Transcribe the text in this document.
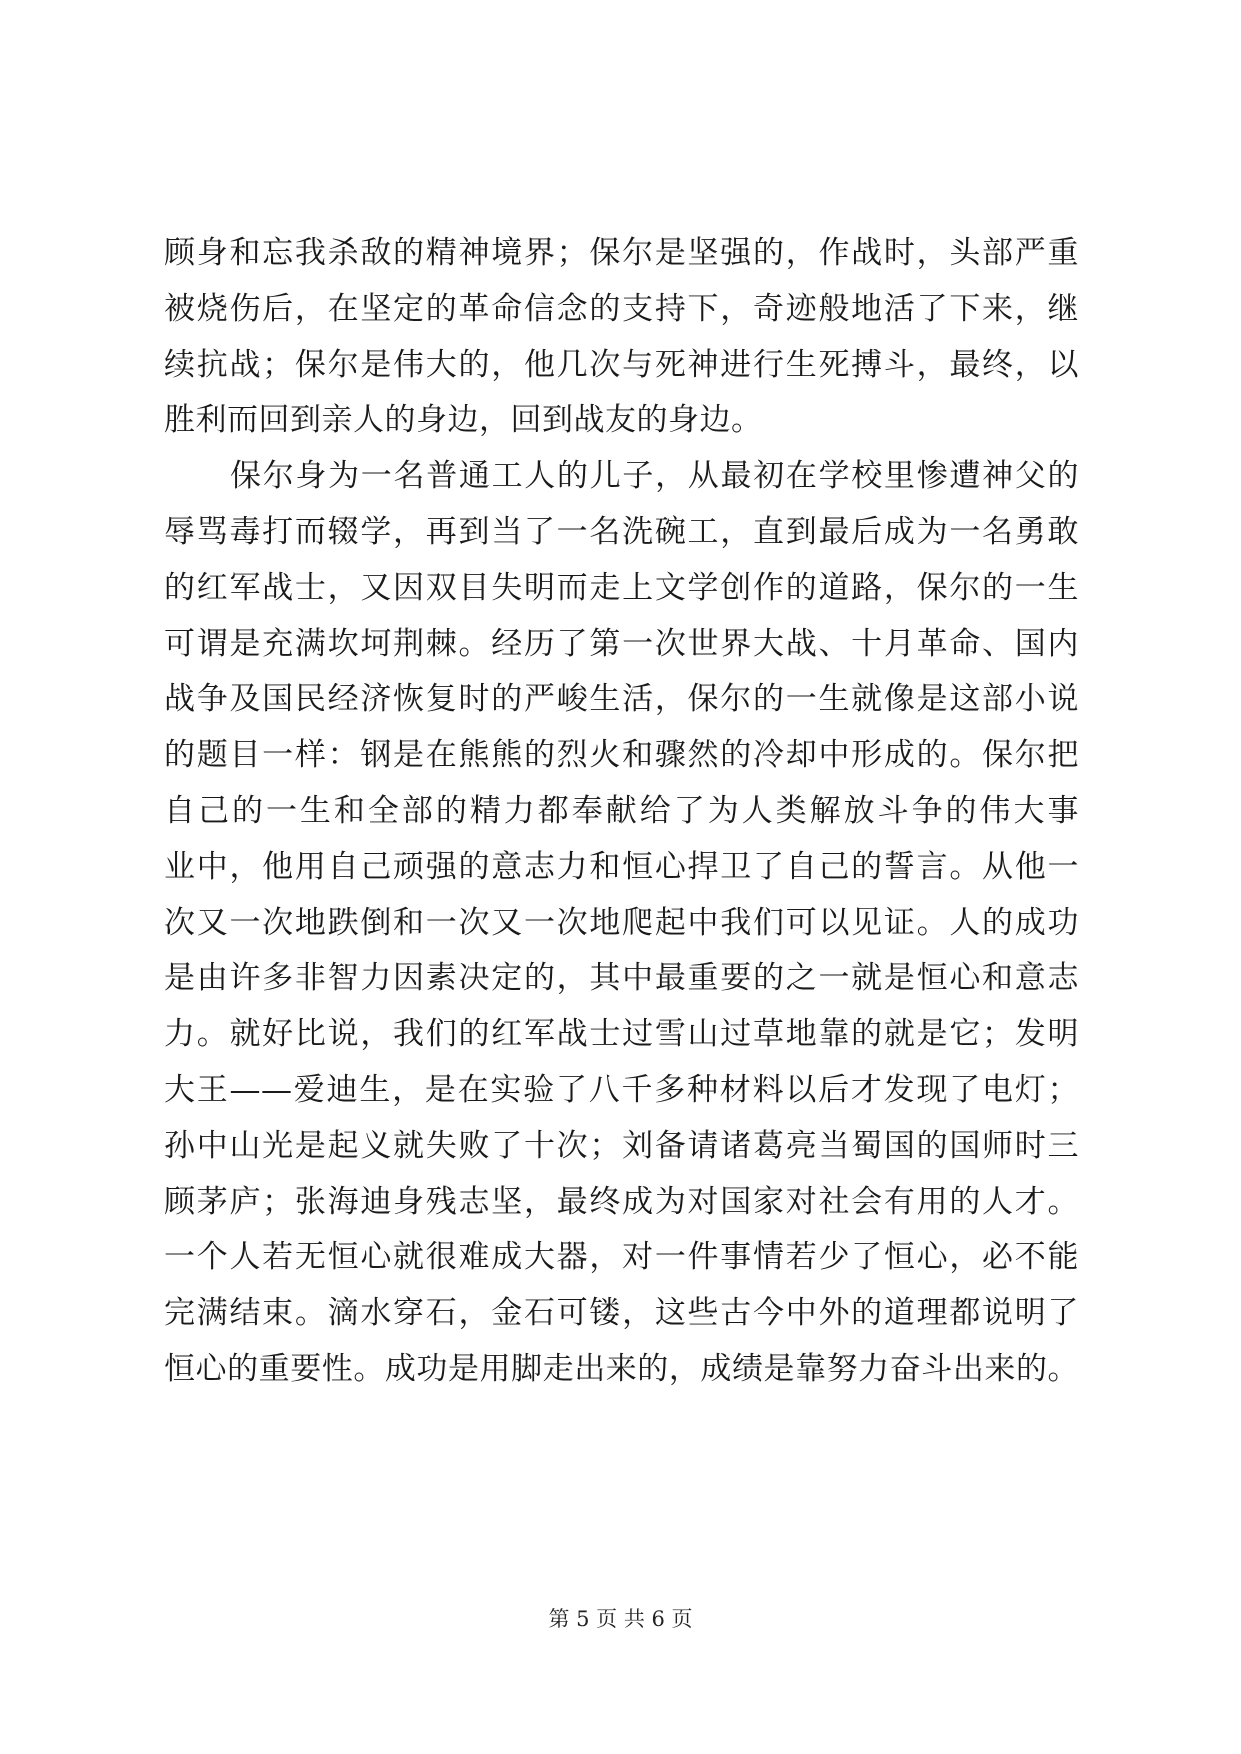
顾身和忘我杀敌的精神境界；保尔是坚强的，作战时，头部严重
被烧伤后，在坚定的革命信念的支持下，奇迹般地活了下来，继
续抗战；保尔是伟大的，他几次与死神进行生死搏斗，最终，以
胜利而回到亲人的身边，回到战友的身边。
保尔身为一名普通工人的儿子，从最初在学校里惨遭神父的
辱骂毒打而辍学，再到当了一名洗碗工，直到最后成为一名勇敢
的红军战士，又因双目失明而走上文学创作的道路，保尔的一生
可谓是充满坎坷荆棘。经历了第一次世界大战、十月革命、国内
战争及国民经济恢复时的严峻生活，保尔的一生就像是这部小说
的题目一样：钢是在熊熊的烈火和骤然的冷却中形成的。保尔把
自己的一生和全部的精力都奉献给了为人类解放斗争的伟大事
业中，他用自己顽强的意志力和恒心捍卫了自己的誓言。从他一
次又一次地跌倒和一次又一次地爬起中我们可以见证。人的成功
是由许多非智力因素决定的，其中最重要的之一就是恒心和意志
力。就好比说，我们的红军战士过雪山过草地靠的就是它；发明
大王——爱迪生，是在实验了八千多种材料以后才发现了电灯；
孙中山光是起义就失败了十次；刘备请诸葛亮当蜀国的国师时三
顾茅庐；张海迪身残志坚，最终成为对国家对社会有用的人才。
一个人若无恒心就很难成大器，对一件事情若少了恒心，必不能
完满结束。滴水穿石，金石可镂，这些古今中外的道理都说明了
恒心的重要性。成功是用脚走出来的，成绩是靠努力奋斗出来的。
第 5 页 共 6 页
